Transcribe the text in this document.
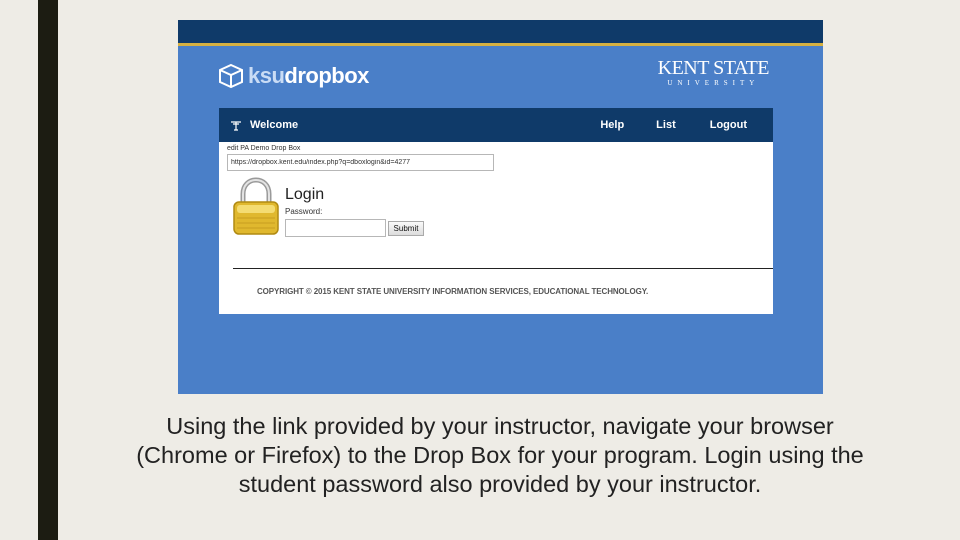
ksu dropbox	KENT STATE
UNIVERSITY
Welcome	Help	List	Logout
edit PA Demo Drop Box
https://dropbox.kent.edu/index.php?q=dboxlogin&id=4277
Login
Password:
Submit
COPYRIGHT © 2015 KENT STATE UNIVERSITY INFORMATION SERVICES, EDUCATIONAL TECHNOLOGY.
Using the link provided by your instructor, navigate your browser (Chrome or Firefox) to the Drop Box for your program. Login using the student password also provided by your instructor.
